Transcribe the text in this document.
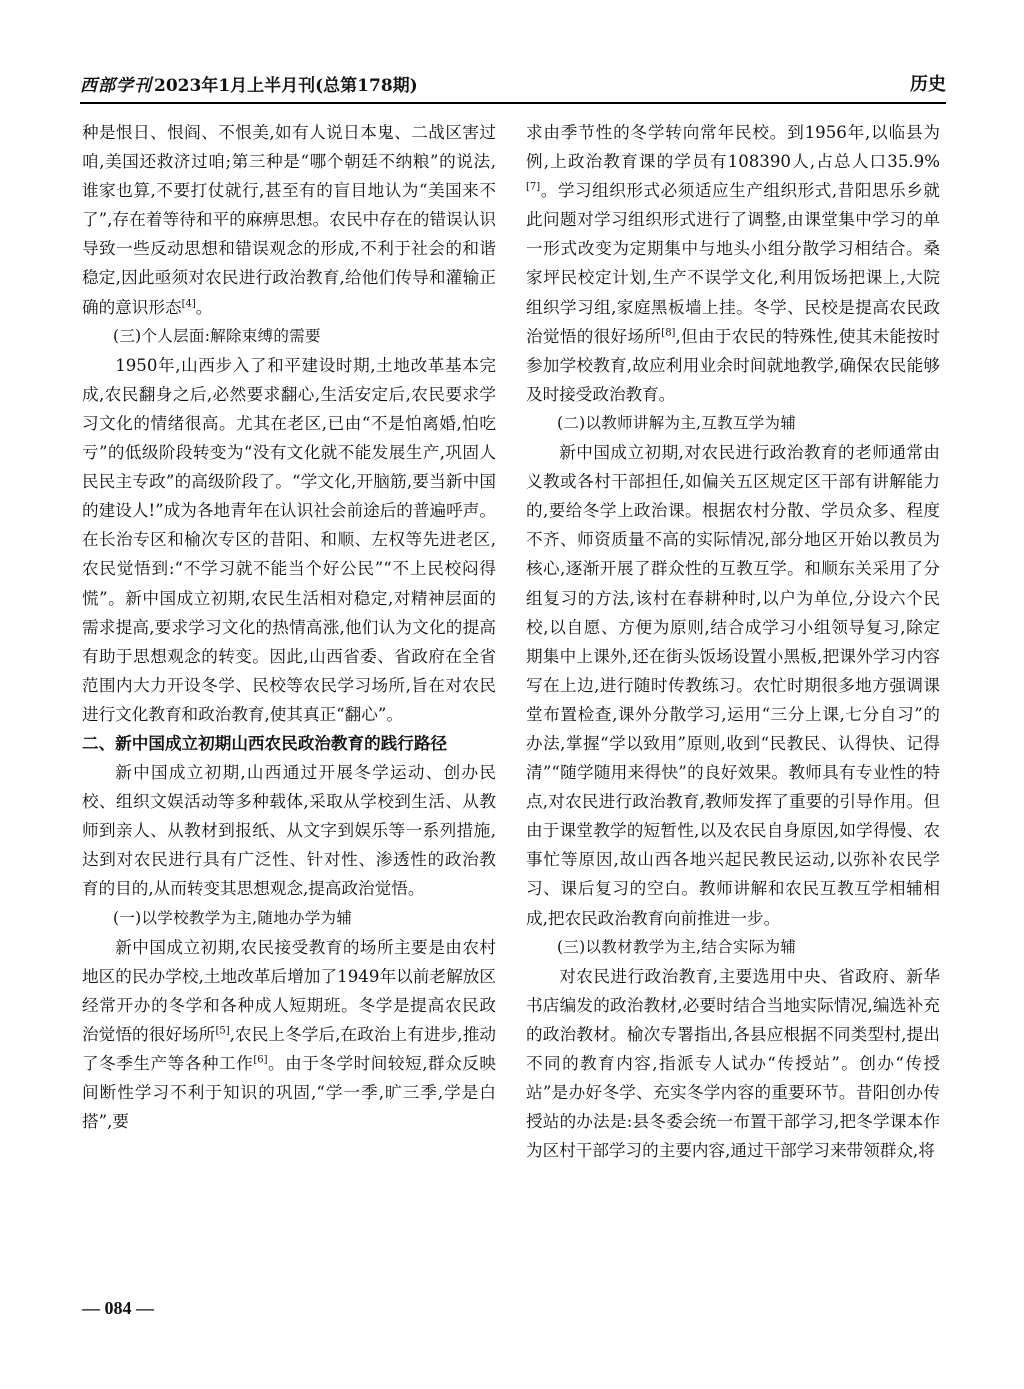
西部学刊 2023年1月上半月刊(总第178期)	历史

种是恨日、恨阎、不恨美,如有人说日本鬼、二战区害过咱,美国还救济过咱;第三种是“哪个朝廷不纳粮”的说法,谁家也算,不要打仗就行,甚至有的盲目地认为“美国来不了”,存在着等待和平的麻痹思想。农民中存在的错误认识导致一些反动思想和错误观念的形成,不利于社会的和谐稳定,因此亟须对农民进行政治教育,给他们传导和灌输正确的意识形态[4]。

(三)个人层面:解除束缚的需要

1950年,山西步入了和平建设时期,土地改革基本完成,农民翻身之后,必然要求翻心,生活安定后,农民要求学习文化的情绪很高。尤其在老区,已由“不是怕离婚,怕吃亏”的低级阶段转变为“没有文化就不能发展生产,巩固人民民主专政”的高级阶段了。“学文化,开脑筋,要当新中国的建设人!”成为各地青年在认识社会前途后的普遍呼声。在长治专区和榆次专区的昔阳、和顺、左权等先进老区,农民觉悟到:“不学习就不能当个好公民”“不上民校闷得慌”。新中国成立初期,农民生活相对稳定,对精神层面的需求提高,要求学习文化的热情高涨,他们认为文化的提高有助于思想观念的转变。因此,山西省委、省政府在全省范围内大力开设冬学、民校等农民学习场所,旨在对农民进行文化教育和政治教育,使其真正“翻心”。

二、新中国成立初期山西农民政治教育的践行路径

新中国成立初期,山西通过开展冬学运动、创办民校、组织文娱活动等多种载体,采取从学校到生活、从教师到亲人、从教材到报纸、从文字到娱乐等一系列措施,达到对农民进行具有广泛性、针对性、渗透性的政治教育的目的,从而转变其思想观念,提高政治觉悟。

(一)以学校教学为主,随地办学为辅

新中国成立初期,农民接受教育的场所主要是由农村地区的民办学校,土地改革后增加了1949年以前老解放区经常开办的冬学和各种成人短期班。冬学是提高农民政治觉悟的很好场所[5],农民上冬学后,在政治上有进步,推动了冬季生产等各种工作[6]。由于冬学时间较短,群众反映间断性学习不利于知识的巩固,“学一季,旷三季,学是白搭”,要

求由季节性的冬学转向常年民校。到1956年,以临县为例,上政治教育课的学员有108390人,占总人口35.9%[7]。学习组织形式必须适应生产组织形式,昔阳思乐乡就此问题对学习组织形式进行了调整,由课堂集中学习的单一形式改变为定期集中与地头小组分散学习相结合。桑家坪民校定计划,生产不误学文化,利用饭场把课上,大院组织学习组,家庭黑板墙上挂。冬学、民校是提高农民政治觉悟的很好场所[8],但由于农民的特殊性,使其未能按时参加学校教育,故应利用业余时间就地教学,确保农民能够及时接受政治教育。

(二)以教师讲解为主,互教互学为辅

新中国成立初期,对农民进行政治教育的老师通常由义教或各村干部担任,如偏关五区规定区干部有讲解能力的,要给冬学上政治课。根据农村分散、学员众多、程度不齐、师资质量不高的实际情况,部分地区开始以教员为核心,逐渐开展了群众性的互教互学。和顺东关采用了分组复习的方法,该村在春耕种时,以户为单位,分设六个民校,以自愿、方便为原则,结合成学习小组领导复习,除定期集中上课外,还在街头饭场设置小黑板,把课外学习内容写在上边,进行随时传教练习。农忙时期很多地方强调课堂布置检查,课外分散学习,运用“三分上课,七分自习”的办法,掌握“学以致用”原则,收到“民教民、认得快、记得清”“随学随用来得快”的良好效果。教师具有专业性的特点,对农民进行政治教育,教师发挥了重要的引导作用。但由于课堂教学的短暂性,以及农民自身原因,如学得慢、农事忙等原因,故山西各地兴起民教民运动,以弥补农民学习、课后复习的空白。教师讲解和农民互教互学相辅相成,把农民政治教育向前推进一步。

(三)以教材教学为主,结合实际为辅

对农民进行政治教育,主要选用中央、省政府、新华书店编发的政治教材,必要时结合当地实际情况,编选补充的政治教材。榆次专署指出,各县应根据不同类型村,提出不同的教育内容,指派专人试办“传授站”。创办“传授站”是办好冬学、充实冬学内容的重要环节。昔阳创办传授站的办法是:县冬委会统一布置干部学习,把冬学课本作为区村干部学习的主要内容,通过干部学习来带领群众,将

— 084 —
